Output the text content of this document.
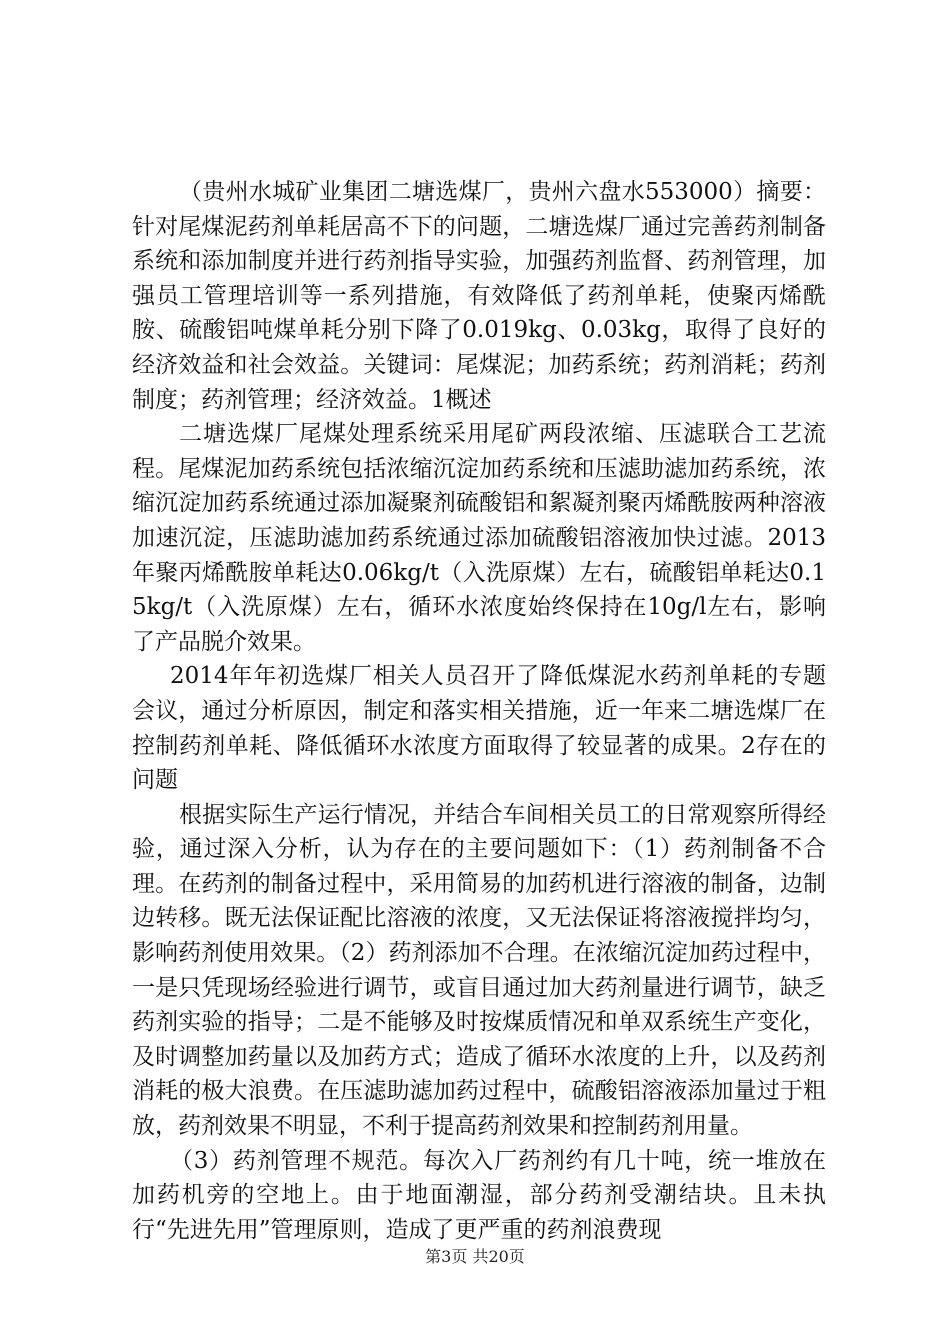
（贵州水城矿业集团二塘选煤厂，贵州六盘水553000）摘要：针对尾煤泥药剂单耗居高不下的问题，二塘选煤厂通过完善药剂制备系统和添加制度并进行药剂指导实验，加强药剂监督、药剂管理，加强员工管理培训等一系列措施，有效降低了药剂单耗，使聚丙烯酰胺、硫酸铝吨煤单耗分别下降了0.019kg、0.03kg，取得了良好的经济效益和社会效益。关键词：尾煤泥；加药系统；药剂消耗；药剂制度；药剂管理；经济效益。1概述

二塘选煤厂尾煤处理系统采用尾矿两段浓缩、压滤联合工艺流程。尾煤泥加药系统包括浓缩沉淀加药系统和压滤助滤加药系统，浓缩沉淀加药系统通过添加凝聚剂硫酸铝和絮凝剂聚丙烯酰胺两种溶液加速沉淀，压滤助滤加药系统通过添加硫酸铝溶液加快过滤。2013年聚丙烯酰胺单耗达0.06kg/t（入洗原煤）左右，硫酸铝单耗达0.15kg/t（入洗原煤）左右，循环水浓度始终保持在10g/l左右，影响了产品脱介效果。

2014年年初选煤厂相关人员召开了降低煤泥水药剂单耗的专题会议，通过分析原因，制定和落实相关措施，近一年来二塘选煤厂在控制药剂单耗、降低循环水浓度方面取得了较显著的成果。2存在的问题

根据实际生产运行情况，并结合车间相关员工的日常观察所得经验，通过深入分析，认为存在的主要问题如下：（1）药剂制备不合理。在药剂的制备过程中，采用简易的加药机进行溶液的制备，边制边转移。既无法保证配比溶液的浓度，又无法保证将溶液搅拌均匀，影响药剂使用效果。（2）药剂添加不合理。在浓缩沉淀加药过程中，一是只凭现场经验进行调节，或盲目通过加大药剂量进行调节，缺乏药剂实验的指导；二是不能够及时按煤质情况和单双系统生产变化，及时调整加药量以及加药方式；造成了循环水浓度的上升，以及药剂消耗的极大浪费。在压滤助滤加药过程中，硫酸铝溶液添加量过于粗放，药剂效果不明显，不利于提高药剂效果和控制药剂用量。

（3）药剂管理不规范。每次入厂药剂约有几十吨，统一堆放在加药机旁的空地上。由于地面潮湿，部分药剂受潮结块。且未执行“先进先用”管理原则，造成了更严重的药剂浪费现

第3页 共20页
